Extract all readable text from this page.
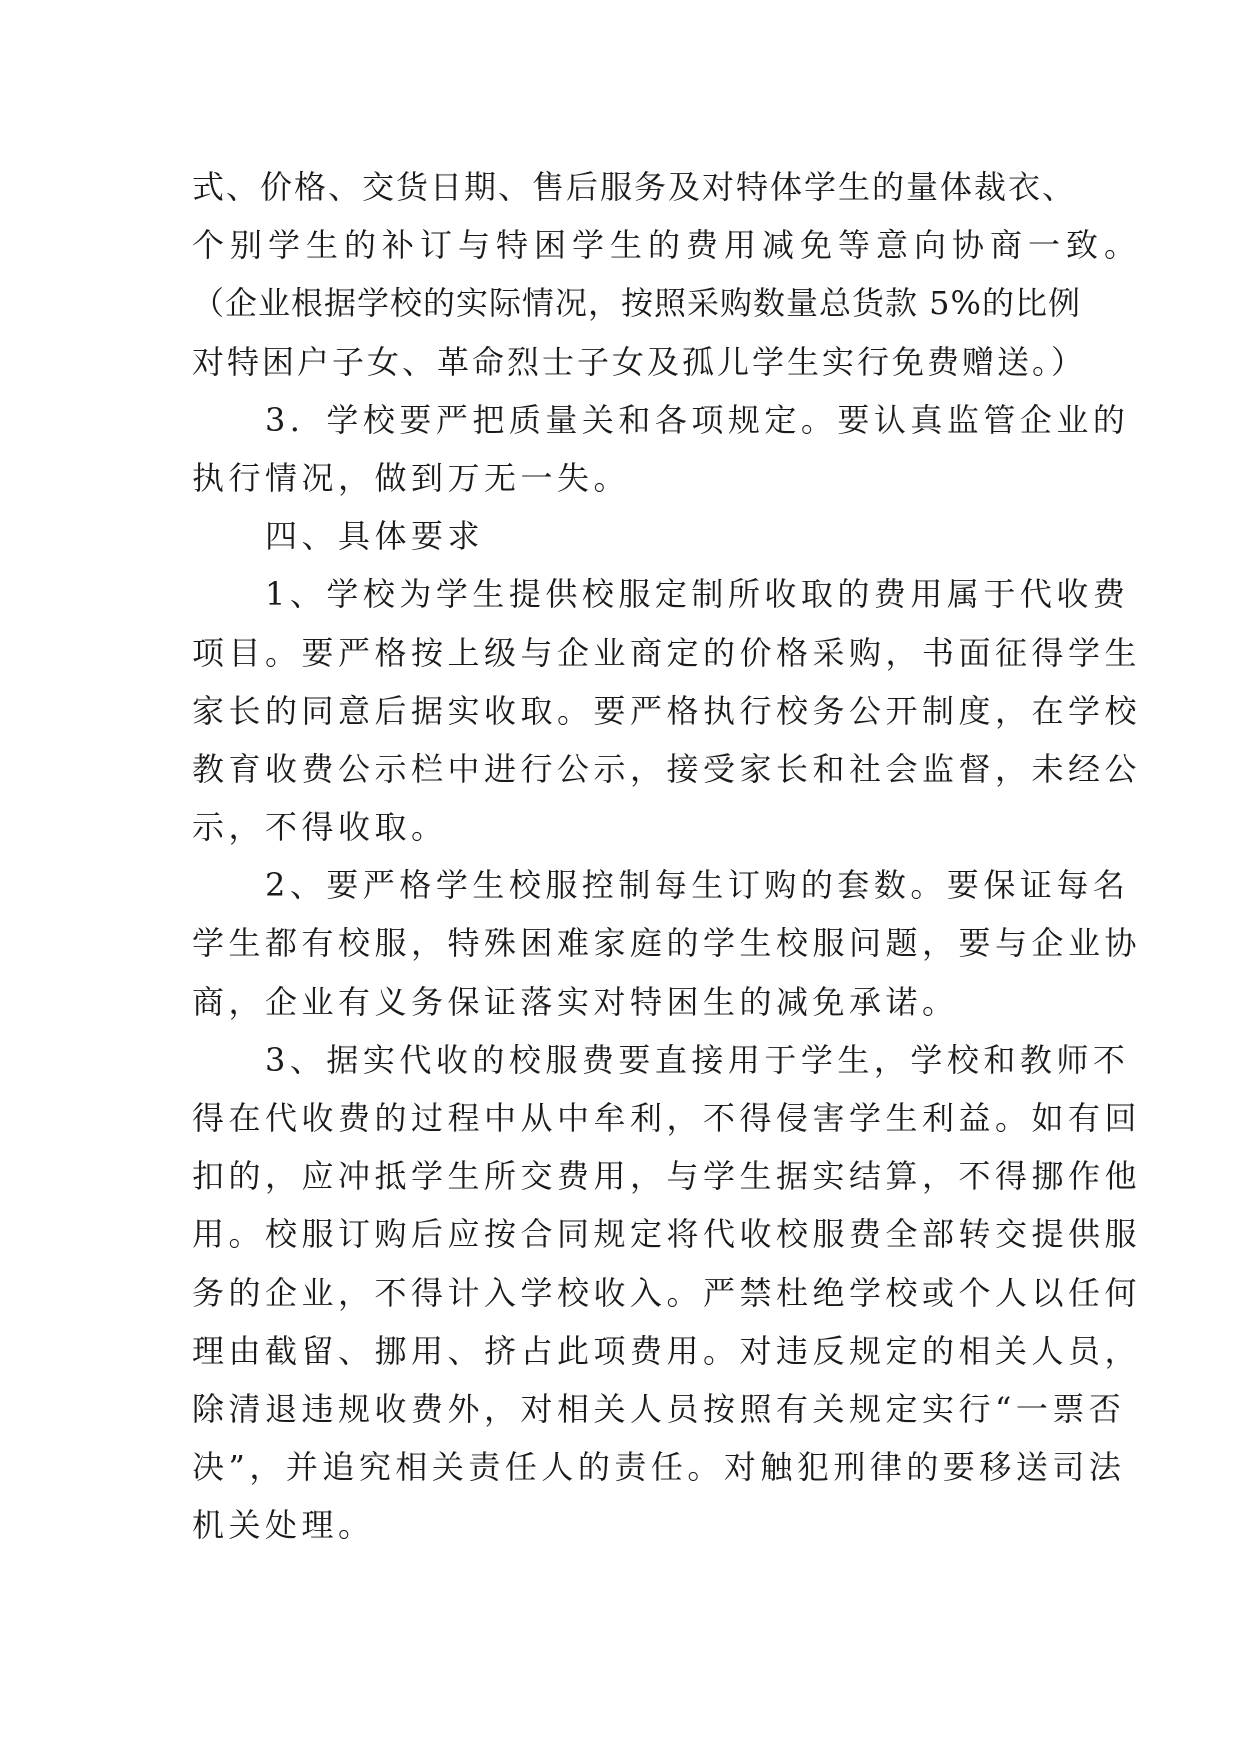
式、价格、交货日期、售后服务及对特体学生的量体裁衣、
个别学生的补订与特困学生的费用减免等意向协商一致。
（企业根据学校的实际情况，按照采购数量总货款 5%的比例
对特困户子女、革命烈士子女及孤儿学生实行免费赠送。）
　　3．学校要严把质量关和各项规定。要认真监管企业的
执行情况，做到万无一失。
　　四、具体要求
　　1、学校为学生提供校服定制所收取的费用属于代收费
项目。要严格按上级与企业商定的价格采购，书面征得学生
家长的同意后据实收取。要严格执行校务公开制度，在学校
教育收费公示栏中进行公示，接受家长和社会监督，未经公
示，不得收取。
　　2、要严格学生校服控制每生订购的套数。要保证每名
学生都有校服，特殊困难家庭的学生校服问题，要与企业协
商，企业有义务保证落实对特困生的减免承诺。
　　3、据实代收的校服费要直接用于学生，学校和教师不
得在代收费的过程中从中牟利，不得侵害学生利益。如有回
扣的，应冲抵学生所交费用，与学生据实结算，不得挪作他
用。校服订购后应按合同规定将代收校服费全部转交提供服
务的企业，不得计入学校收入。严禁杜绝学校或个人以任何
理由截留、挪用、挤占此项费用。对违反规定的相关人员，
除清退违规收费外，对相关人员按照有关规定实行“一票否
决”，并追究相关责任人的责任。对触犯刑律的要移送司法
机关处理。
